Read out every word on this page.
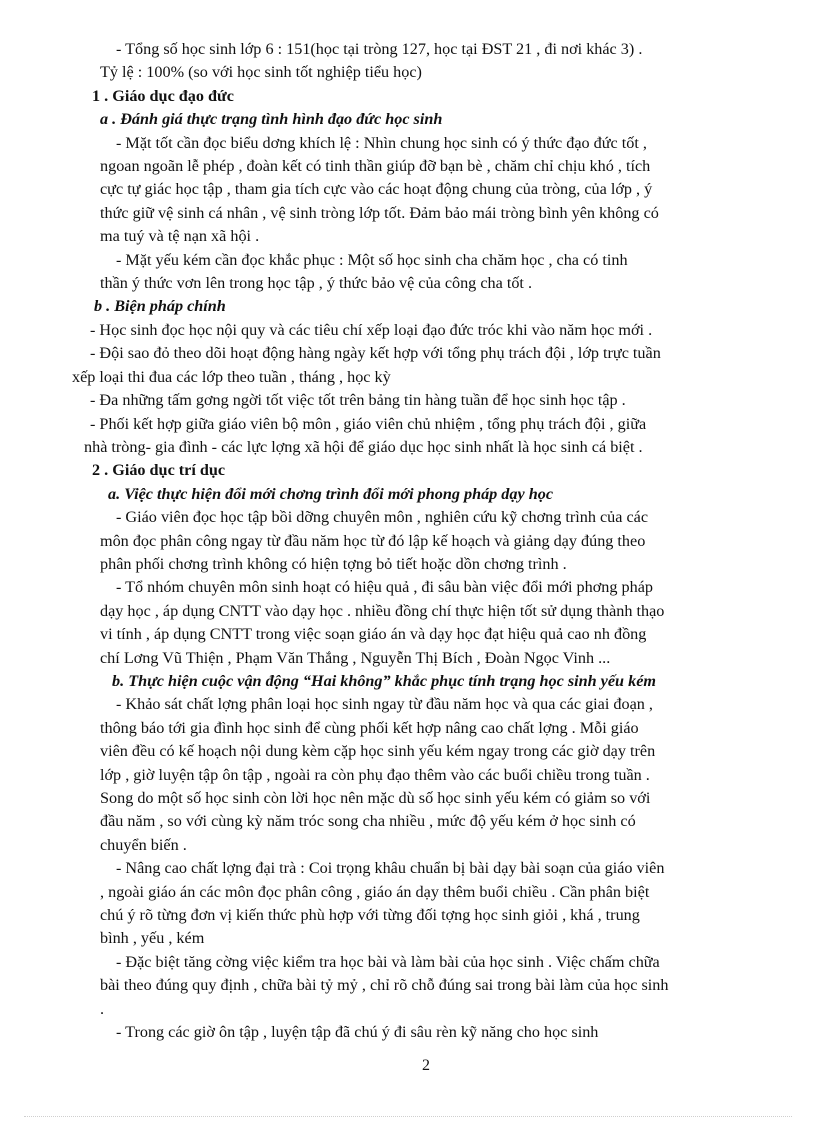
- Tổng số học sinh lớp 6 : 151(học tại tròng 127, học tại ĐST 21 , đi nơi khác 3) .
Tỷ lệ : 100% (so với học sinh tốt nghiệp tiểu học)
1 . Giáo dục đạo đức
a . Đánh giá thực trạng tình hình đạo đức học sinh
- Mặt tốt cần đọc biểu dơng khích lệ : Nhìn chung học sinh có ý thức đạo đức tốt ,
ngoan ngoãn lễ phép , đoàn kết có tinh thần giúp đỡ bạn bè , chăm chỉ chịu khó , tích
cực tự giác học tập , tham gia tích cực vào các hoạt động chung của tròng, của lớp , ý
thức giữ vệ sinh cá nhân , vệ sinh tròng lớp tốt. Đảm bảo mái tròng bình yên không có
ma tuý và tệ nạn xã hội .
- Mặt yếu kém cần đọc khắc phục : Một số học sinh cha chăm học , cha có tinh
thần ý thức vơn lên trong học tập , ý thức bảo vệ của công cha tốt .
b . Biện pháp chính
- Học sinh đọc học nội quy và các tiêu chí xếp loại đạo đức tróc khi vào năm học mới .
- Đội sao đỏ theo dõi hoạt động hàng ngày kết hợp với tổng phụ trách đội , lớp trực tuần
xếp loại thi đua các lớp theo tuần , tháng , học kỳ
- Đa những tấm gơng ngời tốt việc tốt trên bảng tin hàng tuần để học sinh học tập .
- Phối kết hợp giữa giáo viên bộ môn , giáo viên chủ nhiệm , tổng phụ trách đội , giữa
nhà tròng- gia đình - các lực lợng xã hội để giáo dục học sinh nhất là học sinh cá biệt .
2 . Giáo dục trí dục
a. Việc thực hiện đổi mới chơng trình đổi mới phong pháp dạy học
- Giáo viên đọc học tập bồi dỡng chuyên môn , nghiên cứu kỹ chơng trình của các
môn đọc phân công ngay từ đầu năm học từ đó lập kế hoạch và giảng dạy đúng theo
phân phối chơng trình không có hiện tợng bỏ tiết hoặc dồn chơng trình .
- Tổ nhóm chuyên môn sinh hoạt có hiệu quả , đi sâu bàn việc đổi mới phơng pháp
dạy học , áp dụng CNTT vào dạy học . nhiều đồng chí thực hiện tốt sử dụng thành thạo
vi tính , áp dụng CNTT trong việc soạn giáo án và dạy học đạt hiệu quả cao nh đồng
chí Lơng Vũ Thiện , Phạm Văn Thắng , Nguyễn Thị Bích , Đoàn Ngọc Vinh ...
b. Thực hiện cuộc vận động “Hai không” khắc phục tính trạng học sinh yếu kém
- Khảo sát chất lợng phân loại học sinh ngay từ đầu năm học và qua các giai đoạn ,
thông báo tới gia đình học sinh để cùng phối kết hợp nâng cao chất lợng . Mỗi giáo
viên đều có kế hoạch nội dung kèm cặp học sinh yếu kém ngay trong các giờ dạy trên
lớp , giờ luyện tập ôn tập , ngoài ra còn phụ đạo thêm vào các buổi chiều trong tuần .
Song do một số học sinh còn lời học nên mặc dù số học sinh yếu kém có giảm so với
đầu năm , so với cùng kỳ năm tróc song cha nhiều , mức độ yếu kém ở học sinh có
chuyển biến .
- Nâng cao chất lợng đại trà : Coi trọng khâu chuẩn bị bài dạy bài soạn của giáo viên
, ngoài giáo án các môn đọc phân công , giáo án dạy thêm buổi chiều . Cần phân biệt
chú ý rõ từng đơn vị kiến thức phù hợp với từng đối tợng học sinh giỏi , khá , trung
bình , yếu , kém
- Đặc biệt tăng cờng việc kiểm tra học bài và làm bài của học sinh . Việc chấm chữa
bài theo đúng quy định , chữa bài tỷ mỷ , chỉ rõ chỗ đúng sai trong bài làm của học sinh
.
- Trong các giờ ôn tập , luyện tập đã chú ý đi sâu rèn kỹ năng cho học sinh
2
